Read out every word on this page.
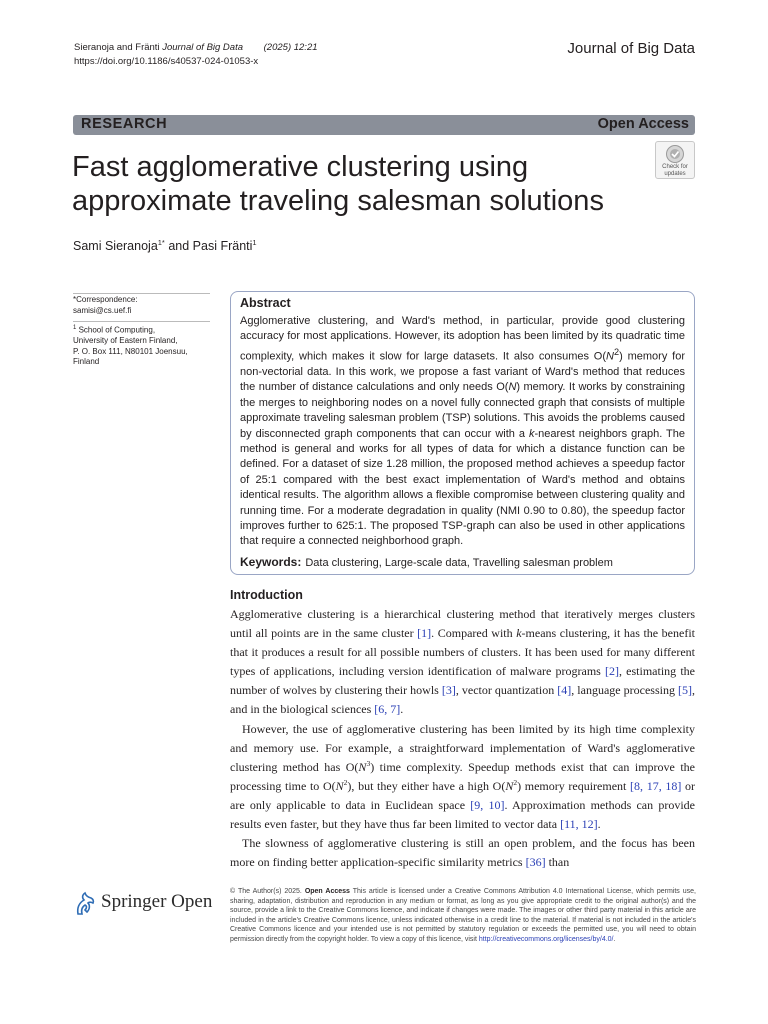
Sieranoja and Fränti Journal of Big Data (2025) 12:21
https://doi.org/10.1186/s40537-024-01053-x
Journal of Big Data
RESEARCH	Open Access
Fast agglomerative clustering using approximate traveling salesman solutions
Check for
updates
Sami Sieranoja$^{1*}$ and Pasi Fränti$^1$
*Correspondence:
samisi@cs.uef.fi
$^1$ School of Computing,
University of Eastern Finland,
P. O. Box 111, N80101 Joensuu,
Finland
Abstract
Agglomerative clustering, and Ward's method, in particular, provide good clustering accuracy for most applications. However, its adoption has been limited by its quadratic time complexity, which makes it slow for large datasets. It also consumes $O(N^2)$ memory for non-vectorial data. In this work, we propose a fast variant of Ward's method that reduces the number of distance calculations and only needs O(N) memory. It works by constraining the merges to neighboring nodes on a novel fully connected graph that consists of multiple approximate traveling salesman problem (TSP) solutions. This avoids the problems caused by disconnected graph components that can occur with a k-nearest neighbors graph. The method is general and works for all types of data for which a distance function can be defined. For a dataset of size 1.28 million, the proposed method achieves a speedup factor of 25:1 compared with the best exact implementation of Ward's method and obtains identical results. The algorithm allows a flexible compromise between clustering quality and running time. For a moderate degradation in quality (NMI 0.90 to 0.80), the speedup factor improves further to 625:1. The proposed TSP-graph can also be used in other applications that require a connected neighborhood graph.
Keywords: Data clustering, Large-scale data, Travelling salesman problem
Introduction

Agglomerative clustering is a hierarchical clustering method that iteratively merges clusters until all points are in the same cluster [1]. Compared with k-means clustering, it has the benefit that it produces a result for all possible numbers of clusters. It has been used for many different types of applications, including version identification of malware programs [2], estimating the number of wolves by clustering their howls [3], vector quantization [4], language processing [5], and in the biological sciences [6, 7].

However, the use of agglomerative clustering has been limited by its high time complexity and memory use. For example, a straightforward implementation of Ward's agglomerative clustering method has $O(N^3)$ time complexity. Speedup methods exist that can improve the processing time to $O(N^2)$, but they either have a high $O(N^2)$ memory requirement [8, 17, 18] or are only applicable to data in Euclidean space [9, 10]. Approximation methods can provide results even faster, but they have thus far been limited to vector data [11, 12].

The slowness of agglomerative clustering is still an open problem, and the focus has been more on finding better application-specific similarity metrics [36] than

Springer Open	© The Author(s) 2025. Open Access This article is licensed under a Creative Commons Attribution 4.0 International License, which permits use, sharing, adaptation, distribution and reproduction in any medium or format, as long as you give appropriate credit to the original author(s) and the source, provide a link to the Creative Commons licence, and indicate if changes were made. The images or other third party material in this article are included in the article's Creative Commons licence, unless indicated otherwise in a credit line to the material. If material is not included in the article's Creative Commons licence and your intended use is not permitted by statutory regulation or exceeds the permitted use, you will need to obtain permission directly from the copyright holder. To view a copy of this licence, visit http://creativecommons.org/licenses/by/4.0/.
